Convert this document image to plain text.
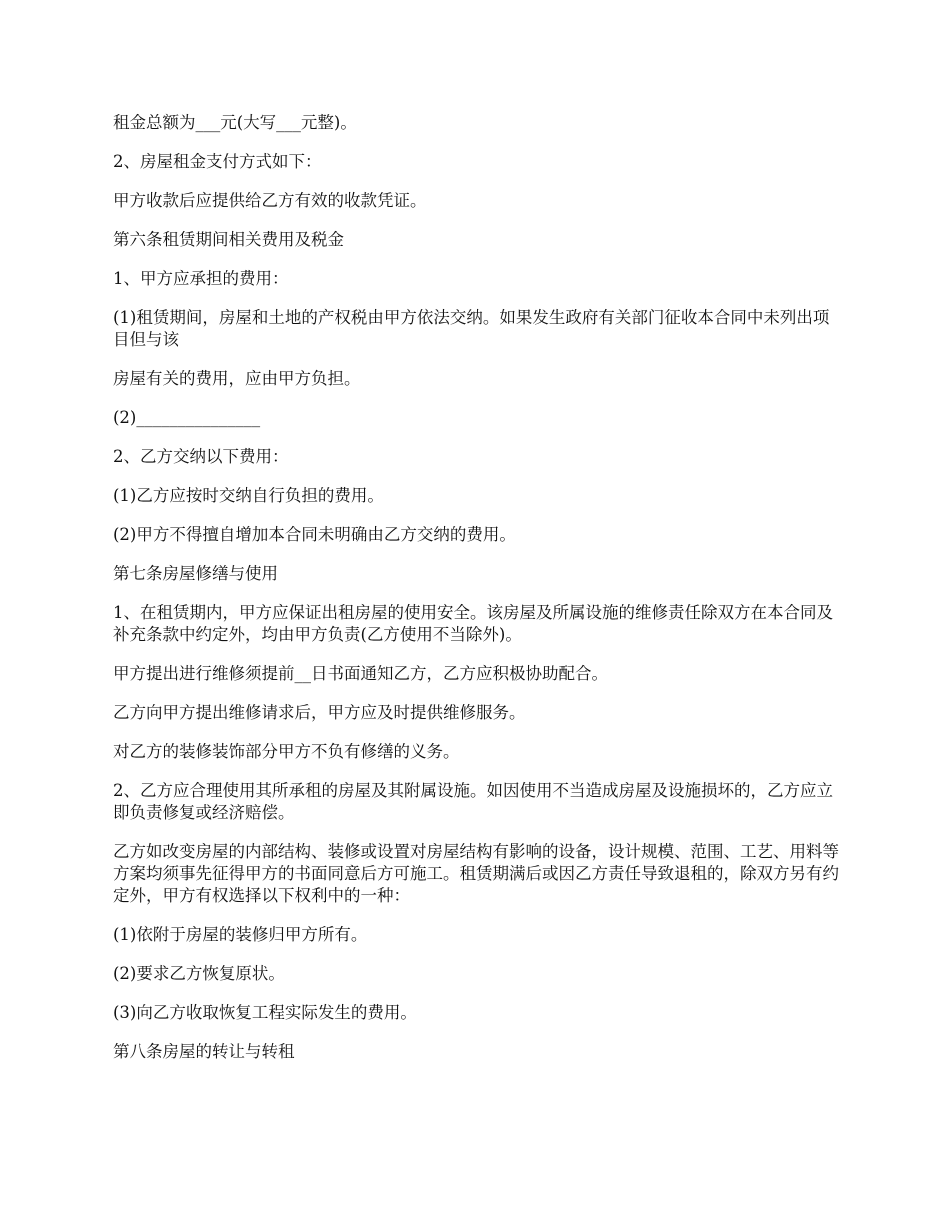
租金总额为___元(大写___元整)。

2、房屋租金支付方式如下：

甲方收款后应提供给乙方有效的收款凭证。

第六条租赁期间相关费用及税金

1、甲方应承担的费用：

(1)租赁期间，房屋和土地的产权税由甲方依法交纳。如果发生政府有关部门征收本合同中未列出项目但与该

房屋有关的费用，应由甲方负担。

(2)_______________

2、乙方交纳以下费用：

(1)乙方应按时交纳自行负担的费用。

(2)甲方不得擅自增加本合同未明确由乙方交纳的费用。

第七条房屋修缮与使用

1、在租赁期内，甲方应保证出租房屋的使用安全。该房屋及所属设施的维修责任除双方在本合同及补充条款中约定外，均由甲方负责(乙方使用不当除外)。

甲方提出进行维修须提前__日书面通知乙方，乙方应积极协助配合。

乙方向甲方提出维修请求后，甲方应及时提供维修服务。

对乙方的装修装饰部分甲方不负有修缮的义务。

2、乙方应合理使用其所承租的房屋及其附属设施。如因使用不当造成房屋及设施损坏的，乙方应立即负责修复或经济赔偿。

乙方如改变房屋的内部结构、装修或设置对房屋结构有影响的设备，设计规模、范围、工艺、用料等方案均须事先征得甲方的书面同意后方可施工。租赁期满后或因乙方责任导致退租的，除双方另有约定外，甲方有权选择以下权利中的一种：

(1)依附于房屋的装修归甲方所有。

(2)要求乙方恢复原状。

(3)向乙方收取恢复工程实际发生的费用。

第八条房屋的转让与转租
